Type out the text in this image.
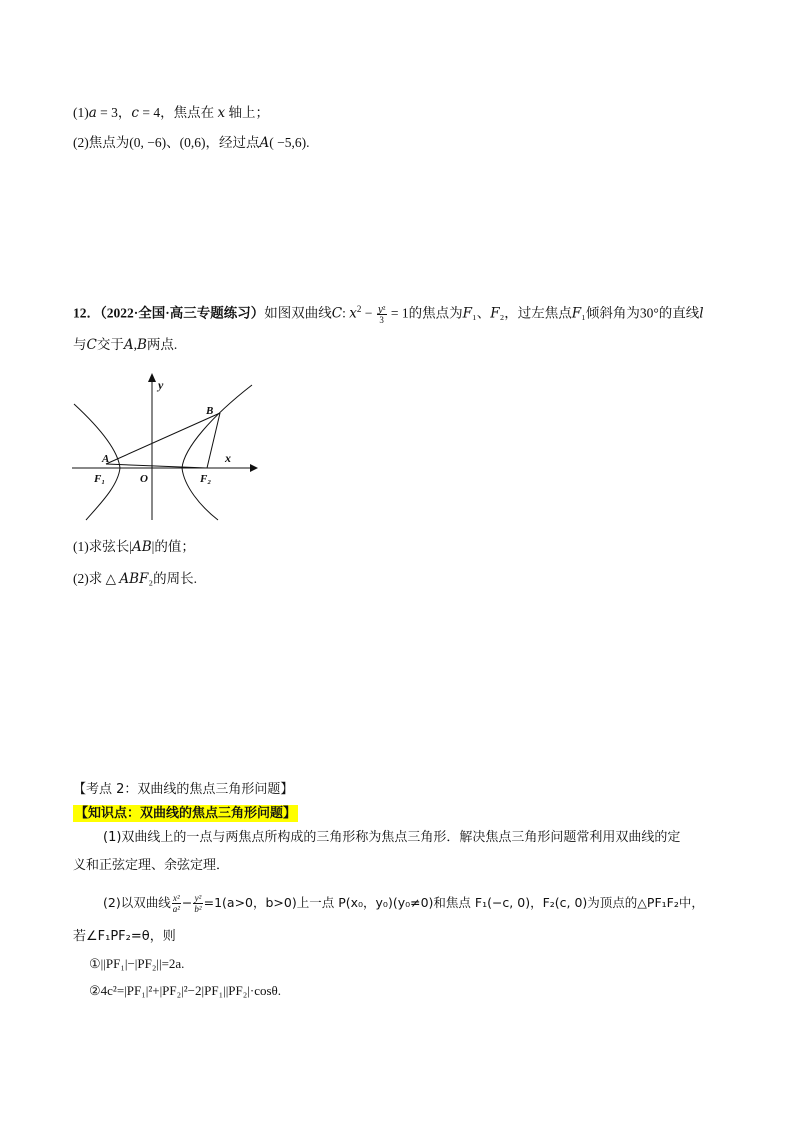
(1)𝑎 = 3，𝑐 = 4，焦点在 𝑥 轴上；
(2)焦点为(0, −6)、(0,6)，经过点𝐴( −5,6).
12．（2022·全国·高三专题练习）如图双曲线𝐶: 𝑥$^2$ − $\frac{\text{𝑦²}}{3} = 1$的焦点为𝐹₁、𝐹₂，过左焦点𝐹₁倾斜角为30°的直线𝑙
与𝐶交于𝐴,𝐵两点.
y
x
A
B
O
F₁	F₂
(1)求弦长|𝐴𝐵|的值；
(2)求 △ 𝐴𝐵𝐹₂的周长.
【考点 2：双曲线的焦点三角形问题】
【知识点：双曲线的焦点三角形问题】
(1)双曲线上的一点与两焦点所构成的三角形称为焦点三角形．解决焦点三角形问题常利用双曲线的定
义和正弦定理、余弦定理．
(2)以双曲线 $\frac{\text{x²}}{\text{a²}} - \frac{\text{y²}}{\text{b²}} =1(a>0$，b>0)上一点 P(x₀，y₀)(y₀≠0)和焦点 F₁(−c, 0)，F₂(c, 0)为顶点的△PF₁F₂中，
若∠F₁PF₂=θ，则
①||PF₁|−|PF₂||=2a.
②4c²=|PF₁|²+|PF₂|²−2|PF₁||PF₂|·cosθ.
